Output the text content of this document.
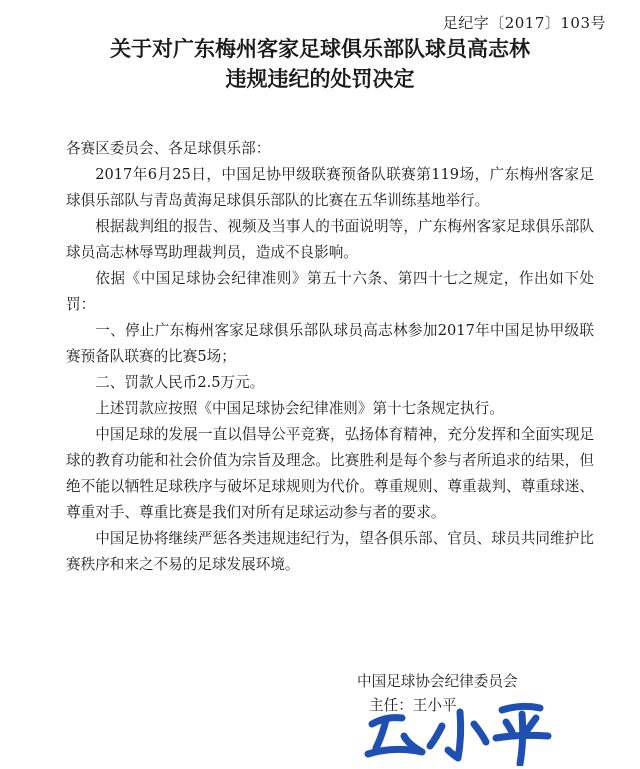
足纪字〔2017〕103号
关于对广东梅州客家足球俱乐部队球员高志林
违规违纪的处罚决定

各赛区委员会、各足球俱乐部：

2017年6月25日，中国足协甲级联赛预备队联赛第119场，广东梅州客家足球俱乐部队与青岛黄海足球俱乐部队的比赛在五华训练基地举行。

根据裁判组的报告、视频及当事人的书面说明等，广东梅州客家足球俱乐部队球员高志林辱骂助理裁判员，造成不良影响。

依据《中国足球协会纪律准则》第五十六条、第四十七之规定，作出如下处罚：

一、停止广东梅州客家足球俱乐部队球员高志林参加2017年中国足协甲级联赛预备队联赛的比赛5场；

二、罚款人民币2.5万元。

上述罚款应按照《中国足球协会纪律准则》第十七条规定执行。

中国足球的发展一直以倡导公平竞赛，弘扬体育精神，充分发挥和全面实现足球的教育功能和社会价值为宗旨及理念。比赛胜利是每个参与者所追求的结果，但绝不能以牺牲足球秩序与破坏足球规则为代价。尊重规则、尊重裁判、尊重球迷、尊重对手、尊重比赛是我们对所有足球运动参与者的要求。

中国足协将继续严惩各类违规违纪行为，望各俱乐部、官员、球员共同维护比赛秩序和来之不易的足球发展环境。

中国足球协会纪律委员会
主任：王小平
